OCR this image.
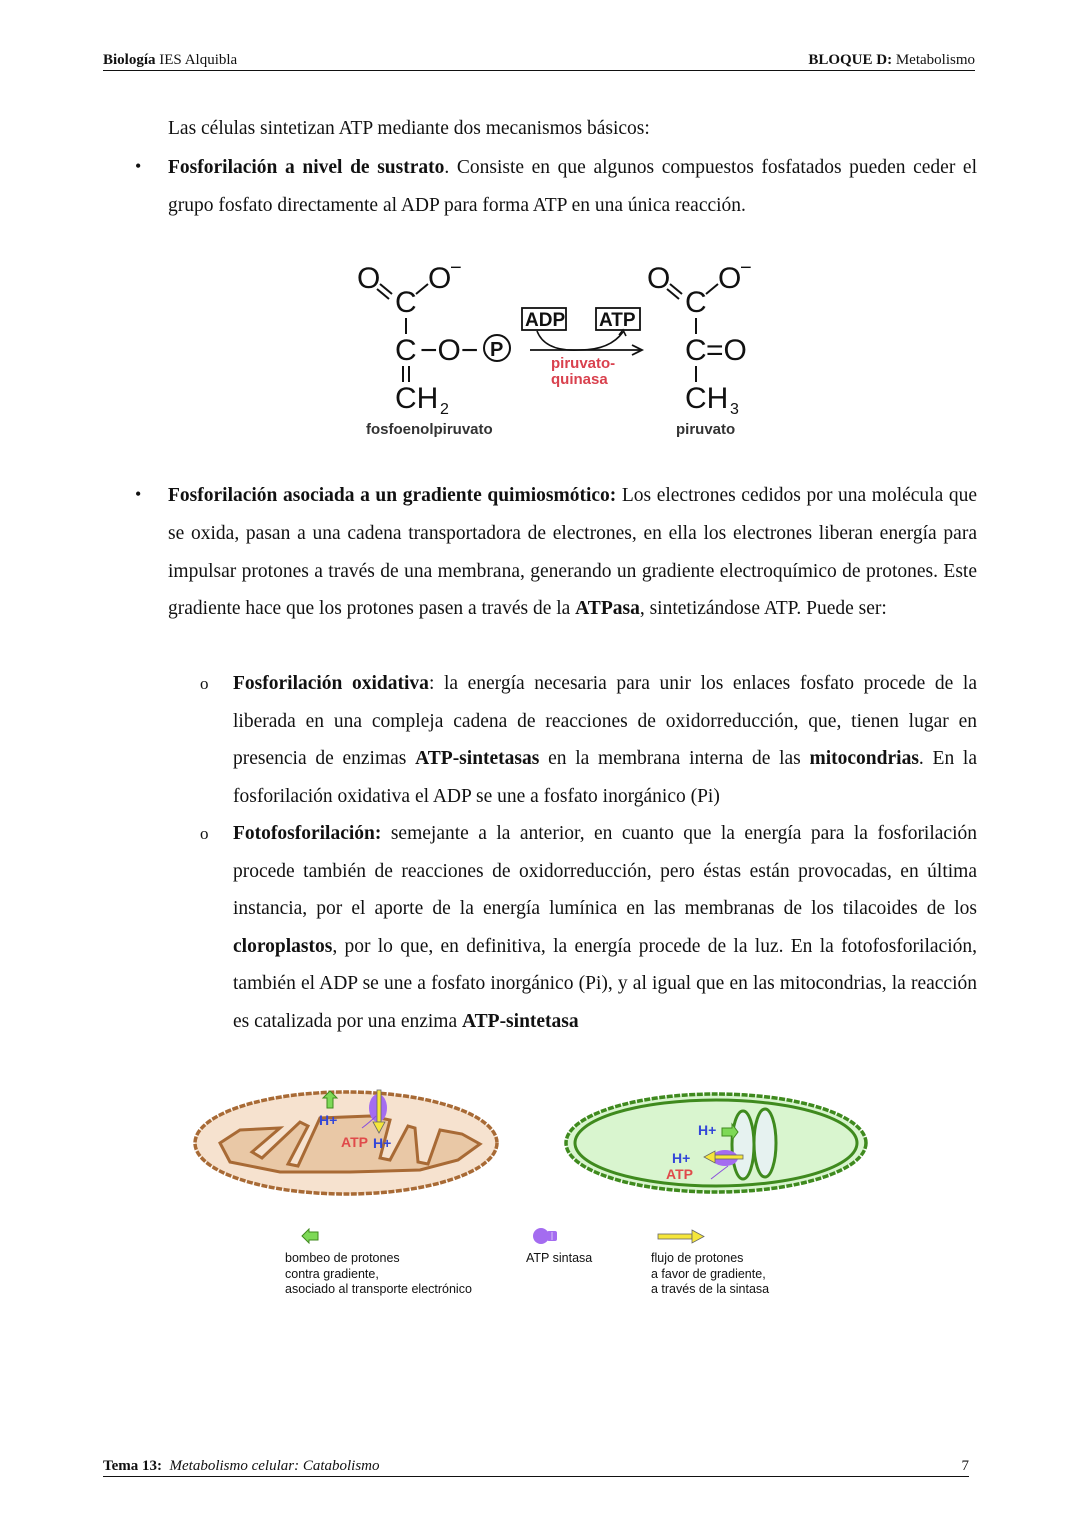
Biología IES Alquibla	BLOQUE D: Metabolismo
Las células sintetizan ATP mediante dos mecanismos básicos:
• Fosforilación a nivel de sustrato. Consiste en que algunos compuestos fosfatados pueden ceder el grupo fosfato directamente al ADP para forma ATP en una única reacción.
O O
−
C
C −O− P
CH 2
fosfoenolpiruvato
ADP ATP
piruvato-
quinasa
O O
−
C
C =O
CH 3
piruvato
• Fosforilación asociada a un gradiente quimiosmótico: Los electrones cedidos por una molécula que se oxida, pasan a una cadena transportadora de electrones, en ella los electrones liberan energía para impulsar protones a través de una membrana, generando un gradiente electroquímico de protones. Este gradiente hace que los protones pasen a través de la ATPasa, sintetizándose ATP. Puede ser:
o Fosforilación oxidativa: la energía necesaria para unir los enlaces fosfato procede de la liberada en una compleja cadena de reacciones de oxidorreducción, que, tienen lugar en presencia de enzimas ATP-sintetasas en la membrana interna de las mitocondrias. En la fosforilación oxidativa el ADP se une a fosfato inorgánico (Pi)
o Fotofosforilación: semejante a la anterior, en cuanto que la energía para la fosforilación procede también de reacciones de oxidorreducción, pero éstas están provocadas, en última instancia, por el aporte de la energía lumínica en las membranas de los tilacoides de los cloroplastos, por lo que, en definitiva, la energía procede de la luz. En la fotofosforilación, también el ADP se une a fosfato inorgánico (Pi), y al igual que en las mitocondrias, la reacción es catalizada por una enzima ATP-sintetasa
H+
ATP H+
H+
H+
ATP
bombeo de protones
contra gradiente,
asociado al transporte electrónico
ATP sintasa	flujo de protones
a favor de gradiente,
a través de la sintasa
Tema 13:  Metabolismo celular: Catabolismo	7
